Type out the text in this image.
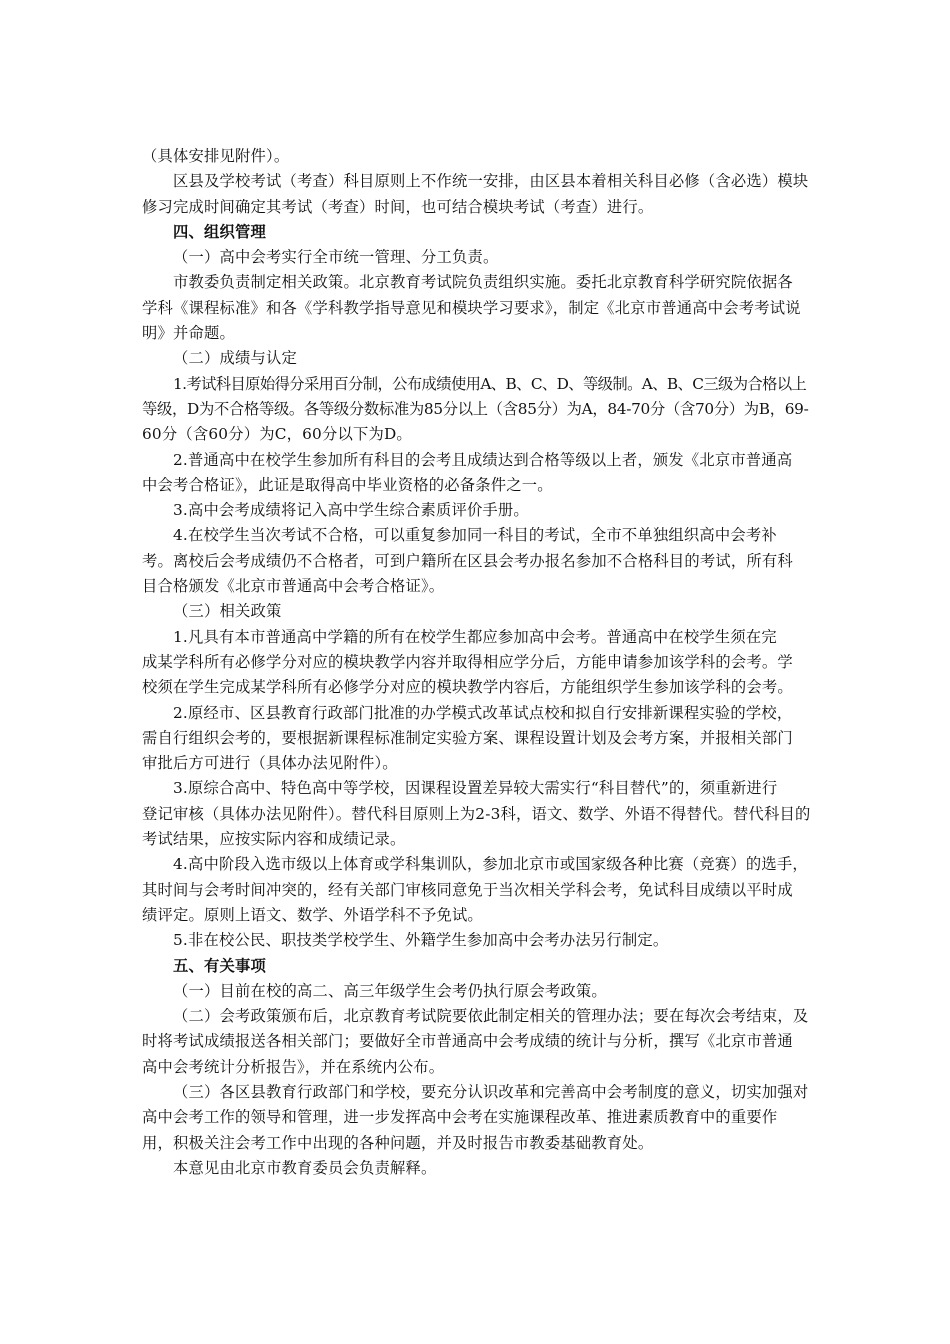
（具体安排见附件）。
区县及学校考试（考查）科目原则上不作统一安排，由区县本着相关科目必修（含必选）模块
修习完成时间确定其考试（考查）时间，也可结合模块考试（考查）进行。
四、组织管理
（一）高中会考实行全市统一管理、分工负责。
市教委负责制定相关政策。北京教育考试院负责组织实施。委托北京教育科学研究院依据各
学科《课程标准》和各《学科教学指导意见和模块学习要求》，制定《北京市普通高中会考考试说
明》并命题。
（二）成绩与认定
1.考试科目原始得分采用百分制，公布成绩使用A、B、C、D、等级制。A、B、C三级为合格以上
等级，D为不合格等级。各等级分数标准为85分以上（含85分）为A，84-70分（含70分）为B，69-
60分（含60分）为C，60分以下为D。
2.普通高中在校学生参加所有科目的会考且成绩达到合格等级以上者，颁发《北京市普通高
中会考合格证》，此证是取得高中毕业资格的必备条件之一。
3.高中会考成绩将记入高中学生综合素质评价手册。
4.在校学生当次考试不合格，可以重复参加同一科目的考试，全市不单独组织高中会考补
考。离校后会考成绩仍不合格者，可到户籍所在区县会考办报名参加不合格科目的考试，所有科
目合格颁发《北京市普通高中会考合格证》。
（三）相关政策
1.凡具有本市普通高中学籍的所有在校学生都应参加高中会考。普通高中在校学生须在完
成某学科所有必修学分对应的模块教学内容并取得相应学分后，方能申请参加该学科的会考。学
校须在学生完成某学科所有必修学分对应的模块教学内容后，方能组织学生参加该学科的会考。
2.原经市、区县教育行政部门批准的办学模式改革试点校和拟自行安排新课程实验的学校，
需自行组织会考的，要根据新课程标准制定实验方案、课程设置计划及会考方案，并报相关部门
审批后方可进行（具体办法见附件）。
3.原综合高中、特色高中等学校，因课程设置差异较大需实行“科目替代”的，须重新进行
登记审核（具体办法见附件）。替代科目原则上为2-3科，语文、数学、外语不得替代。替代科目的
考试结果，应按实际内容和成绩记录。
4.高中阶段入选市级以上体育或学科集训队，参加北京市或国家级各种比赛（竞赛）的选手，
其时间与会考时间冲突的，经有关部门审核同意免于当次相关学科会考，免试科目成绩以平时成
绩评定。原则上语文、数学、外语学科不予免试。
5.非在校公民、职技类学校学生、外籍学生参加高中会考办法另行制定。
五、有关事项
（一）目前在校的高二、高三年级学生会考仍执行原会考政策。
（二）会考政策颁布后，北京教育考试院要依此制定相关的管理办法；要在每次会考结束，及
时将考试成绩报送各相关部门；要做好全市普通高中会考成绩的统计与分析，撰写《北京市普通
高中会考统计分析报告》，并在系统内公布。
（三）各区县教育行政部门和学校，要充分认识改革和完善高中会考制度的意义，切实加强对
高中会考工作的领导和管理，进一步发挥高中会考在实施课程改革、推进素质教育中的重要作
用，积极关注会考工作中出现的各种问题，并及时报告市教委基础教育处。
本意见由北京市教育委员会负责解释。
